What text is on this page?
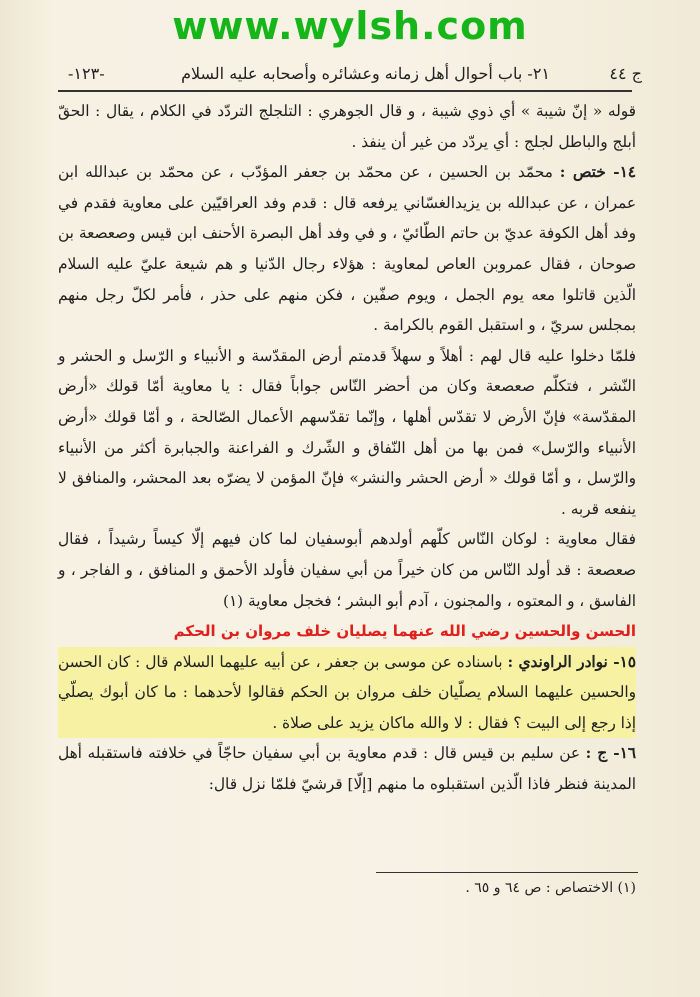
www.wylsh.com
ج ٤٤
٢١- باب أحوال أهل زمانه وعشائره وأصحابه عليه السلام
-١٢٣-

قوله « إنّ شيبة » أي ذوي شيبة ، و قال الجوهري : التلجلج التردّد في الكلام ، يقال : الحقّ أبلج والباطل لجلج : أي يردّد من غير أن ينفذ .

١٤- ختص : محمّد بن الحسين ، عن محمّد بن جعفر المؤدّب ، عن محمّد بن عبدالله ابن عمران ، عن عبدالله بن يزيدالغسّاني يرفعه قال : قدم وفد العراقيّين على معاوية فقدم في وفد أهل الكوفة عديّ بن حاتم الطّائيّ ، و في وفد أهل البصرة الأحنف ابن قيس وصعصعة بن صوحان ، فقال عمروبن العاص لمعاوية : هؤلاء رجال الدّنيا و هم شيعة عليّ عليه السلام الّذين قاتلوا معه يوم الجمل ، ويوم صفّين ، فكن منهم على حذر ، فأمر لكلّ رجل منهم بمجلس سريّ ، و استقبل القوم بالكرامة .

فلمّا دخلوا عليه قال لهم : أهلاً و سهلاً قدمتم أرض المقدّسة و الأنبياء و الرّسل و الحشر و النّشر ، فتكلّم صعصعة وكان من أحضر النّاس جواباً فقال : يا معاوية أمّا قولك «أرض المقدّسة» فإنّ الأرض لا تقدّس أهلها ، وإنّما تقدّسهم الأعمال الصّالحة ، و أمّا قولك «أرض الأنبياء والرّسل» فمن بها من أهل النّفاق و الشّرك و الفراعنة والجبابرة أكثر من الأنبياء والرّسل ، و أمّا قولك « أرض الحشر والنشر» فإنّ المؤمن لا يضرّه بعد المحشر، والمنافق لا ينفعه قربه .

فقال معاوية : لوكان النّاس كلّهم أولدهم أبوسفيان لما كان فيهم إلّا كيساً رشيداً ، فقال صعصعة : قد أولد النّاس من كان خيراً من أبي سفيان فأولد الأحمق و المنافق ، و الفاجر ، و الفاسق ، و المعتوه ، والمجنون ، آدم أبو البشر ؛ فخجل معاوية (١)

الحسن والحسين رضي الله عنهما يصليان خلف مروان بن الحكم

١٥- نوادر الراوندي : باسناده عن موسى بن جعفر ، عن أبيه عليهما السلام قال : كان الحسن والحسين عليهما السلام يصلّيان خلف مروان بن الحكم فقالوا لأحدهما : ما كان أبوك يصلّي إذا رجع إلى البيت ؟ فقال : لا والله ماكان يزيد على صلاة .

١٦- ج : عن سليم بن قيس قال : قدم معاوية بن أبي سفيان حاجّاً في خلافته فاستقبله أهل المدينة فنظر فاذا الّذين استقبلوه ما منهم [إلّا] قرشيّ فلمّا نزل قال:

(١) الاختصاص : ص ٦٤ و ٦٥ .
